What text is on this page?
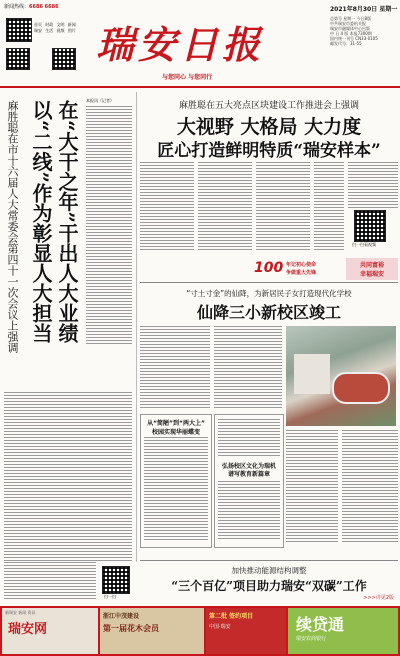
新闻热线：6686 6686
首页 时政 文明 新闻
瑞安 生活 视频 图片 瑞安日报
与您同心 与您同行
2021年8月30日 星期一
总第号 星期一 今日8版
中共瑞安市委机关报
瑞安市融媒体中心出版
中 日 4 版 本报7300期
国内统一刊号 CN33-0105
邮发代号：31-55
在“大干之年”干出人大业绩
以“二线”作为彰显人大担当
麻胜聪在市十六届人大常委会第四十一次会议上强调	本报讯（记者）
麻胜聪在五大亮点区块建设工作推进会上强调
大视野 大格局 大力度
匠心打造鲜明特质“瑞安样本”
扫一扫看视频
100 年记初心使命
争做重大先锋
共同富裕
幸福瑞安
“寸土寸金”的仙降，为新居民子女打造现代化学校
仙降三小新校区竣工
从“简陋”到“两大上”
校园实现华丽蝶变
弘扬校区文化为瑞机
谱写教育新篇章
加快推动能源结构调整
“三个百亿”项目助力瑞安“双碳”工作
>>>详见2版
扫一扫
新瑞安 新闻 资讯
瑞安网
浙江中茂建设
第一届花木会员
第二批 签约项目
中国·瑞安	续贷通
瑞安农商银行
